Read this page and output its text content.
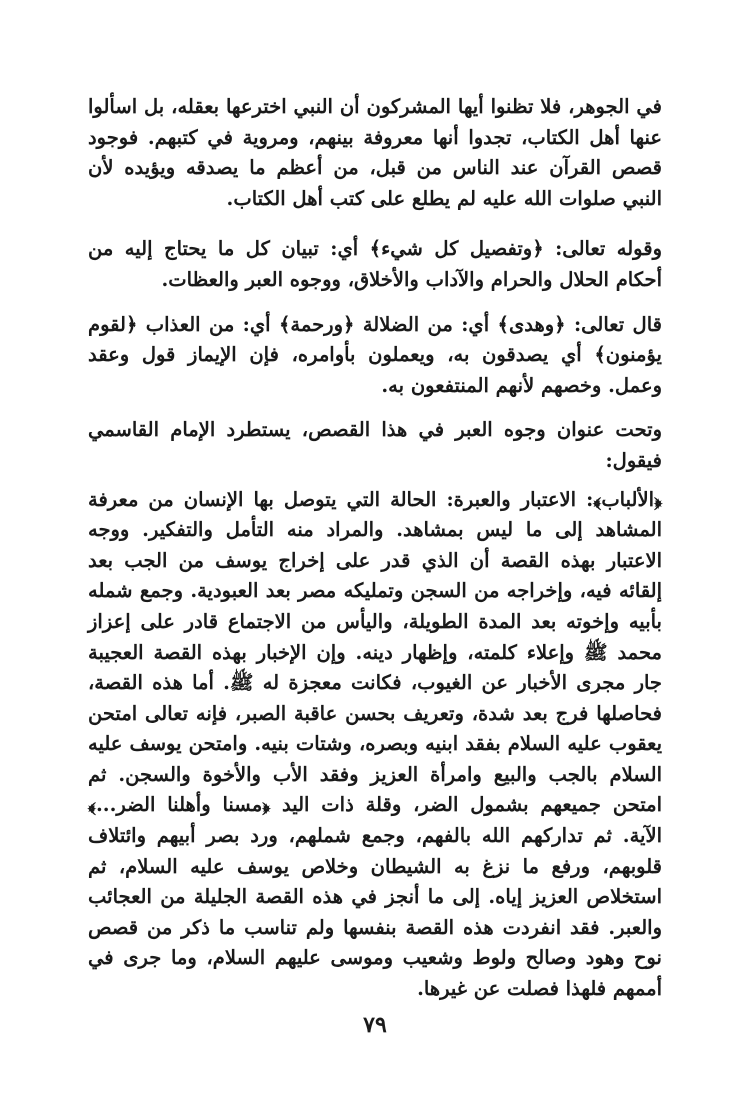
في الجوهر، فلا تظنوا أيها المشركون أن النبي اخترعها بعقله، بل اسألوا عنها أهل الكتاب، تجدوا أنها معروفة بينهم، ومروية في كتبهم. فوجود قصص القرآن عند الناس من قبل، من أعظم ما يصدقه ويؤيده لأن النبي صلوات الله عليه لم يطلع على كتب أهل الكتاب.

وقوله تعالى: ﴿وتفصيل كل شيء﴾ أي: تبيان كل ما يحتاج إليه من أحكام الحلال والحرام والآداب والأخلاق، ووجوه العبر والعظات.

قال تعالى: ﴿وهدى﴾ أي: من الضلالة ﴿ورحمة﴾ أي: من العذاب ﴿لقوم يؤمنون﴾ أي يصدقون به، ويعملون بأوامره، فإن الإيماز قول وعقد وعمل. وخصهم لأنهم المنتفعون به.

وتحت عنوان وجوه العبر في هذا القصص، يستطرد الإمام القاسمي فيقول:

﴿الألباب﴾: الاعتبار والعبرة: الحالة التي يتوصل بها الإنسان من معرفة المشاهد إلى ما ليس بمشاهد. والمراد منه التأمل والتفكير. ووجه الاعتبار بهذه القصة أن الذي قدر على إخراج يوسف من الجب بعد إلقائه فيه، وإخراجه من السجن وتمليكه مصر بعد العبودية. وجمع شمله بأبيه وإخوته بعد المدة الطويلة، واليأس من الاجتماع قادر على إعزاز محمد ﷺ وإعلاء كلمته، وإظهار دينه. وإن الإخبار بهذه القصة العجيبة جار مجرى الأخبار عن الغيوب، فكانت معجزة له ﷺ. أما هذه القصة، فحاصلها فرج بعد شدة، وتعريف بحسن عاقبة الصبر، فإنه تعالى امتحن يعقوب عليه السلام بفقد ابنيه وبصره، وشتات بنيه. وامتحن يوسف عليه السلام بالجب والبيع وامرأة العزيز وفقد الأب والأخوة والسجن. ثم امتحن جميعهم بشمول الضر، وقلة ذات اليد ﴿مسنا وأهلنا الضر...﴾ الآية. ثم تداركهم الله بالفهم، وجمع شملهم، ورد بصر أبيهم وائتلاف قلوبهم، ورفع ما نزغ به الشيطان وخلاص يوسف عليه السلام، ثم استخلاص العزيز إياه. إلى ما أنجز في هذه القصة الجليلة من العجائب والعبر. فقد انفردت هذه القصة بنفسها ولم تناسب ما ذكر من قصص نوح وهود وصالح ولوط وشعيب وموسى عليهم السلام، وما جرى في أممهم فلهذا فصلت عن غيرها.

٧٩
